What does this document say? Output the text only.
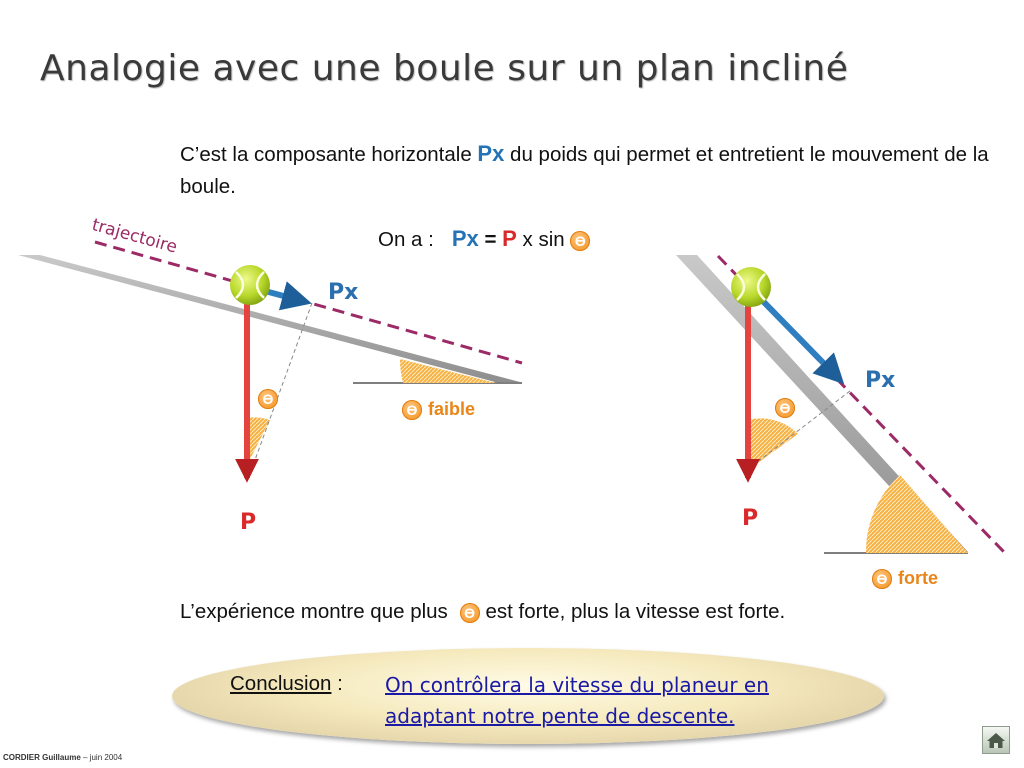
Analogie avec une boule sur un plan incliné
C’est la composante horizontale Px du poids qui permet et entretient le mouvement de la boule.
On a : Px = P x sin ϴ
trajectoire
Px
P
ϴ
ϴ faible
Px
P
ϴ
ϴ forte
L’expérience montre que plus ϴ est forte, plus la vitesse est forte.
Conclusion : On contrôlera la vitesse du planeur en adaptant notre pente de descente.
CORDIER Guillaume – juin 2004
